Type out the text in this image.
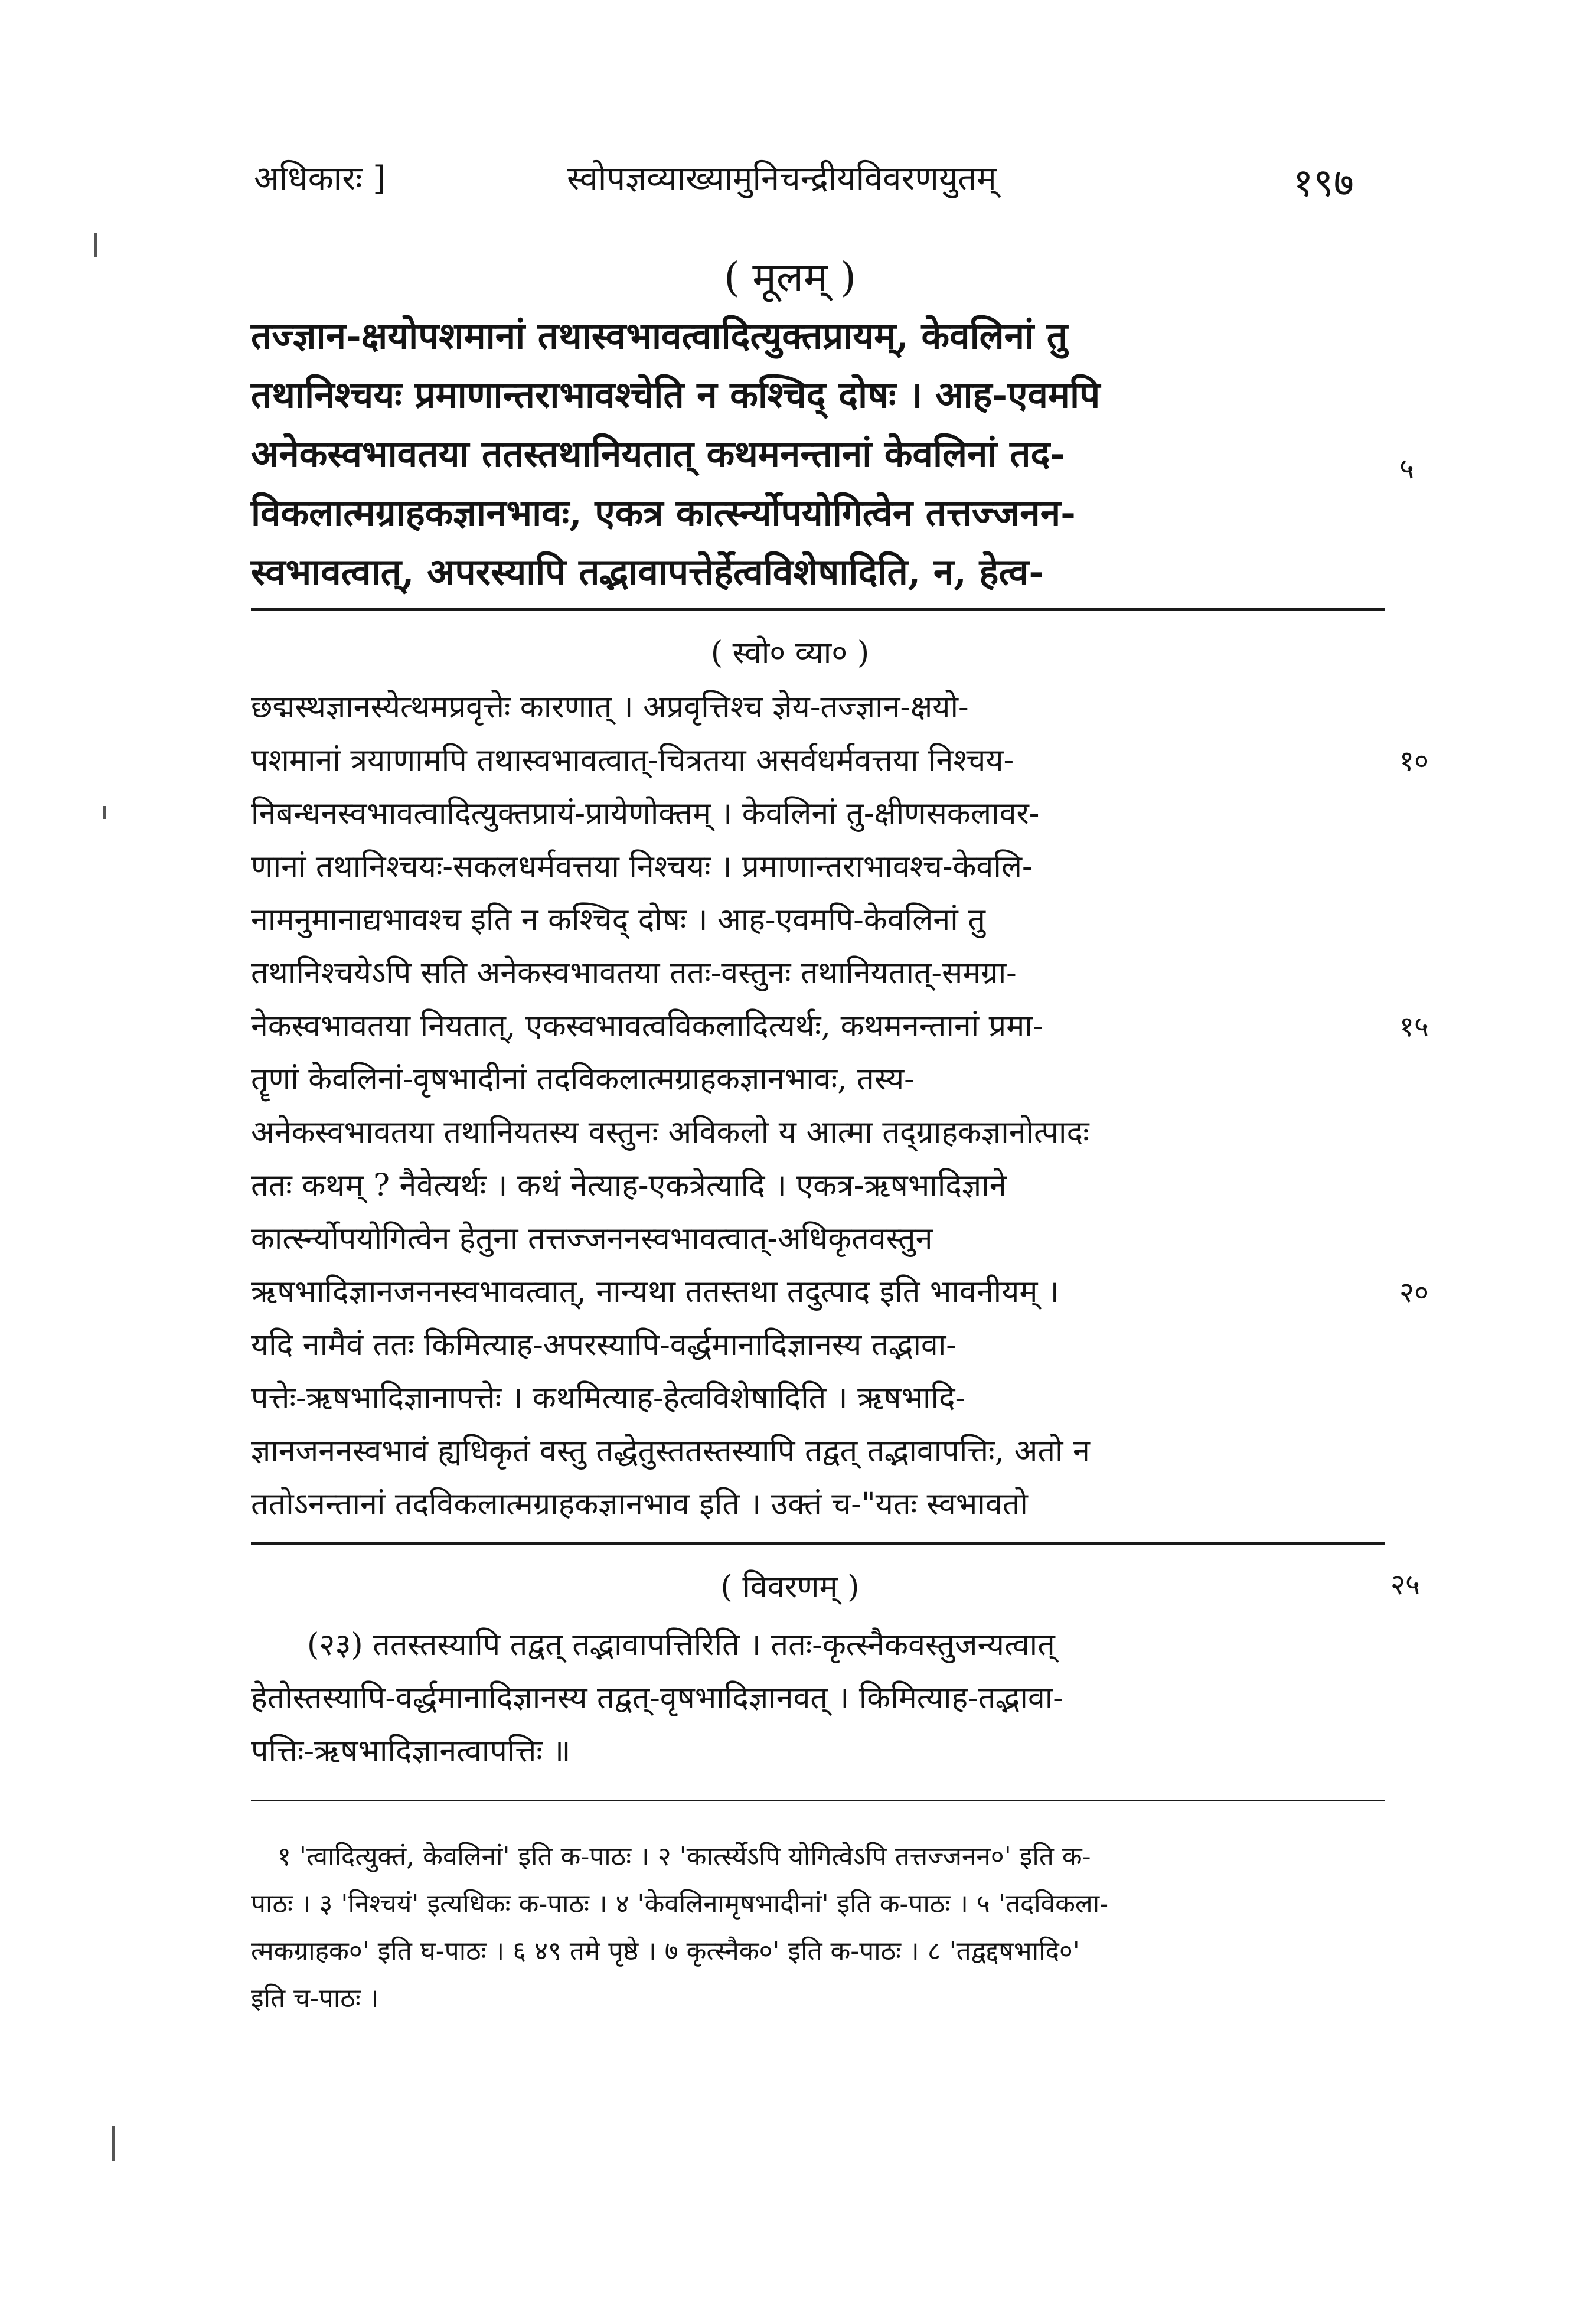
अधिकारः ]	स्वोपज्ञव्याख्यामुनिचन्द्रीयविवरणयुतम्	१९७
( मूलम् )
तज्ज्ञान-क्षयोपशमानां तथास्वभावत्वादित्युक्तप्रायम्, केवलिनां तु
तथानिश्चयः प्रमाणान्तराभावश्चेति न कश्चिद् दोषः । आह-एवमपि
अनेकस्वभावतया ततस्तथानियतात् कथमनन्तानां केवलिनां तद-
विकलात्मग्राहकज्ञानभावः, एकत्र कार्त्स्न्योपयोगित्वेन तत्तज्जनन-
स्वभावत्वात्, अपरस्यापि तद्भावापत्तेर्हेत्वविशेषादिति, न, हेत्व-
५
( स्वो० व्या० )
छद्मस्थज्ञानस्येत्थमप्रवृत्तेः कारणात् । अप्रवृत्तिश्च ज्ञेय-तज्ज्ञान-क्षयो-
पशमानां त्रयाणामपि तथास्वभावत्वात्-चित्रतया असर्वधर्मवत्तया निश्चय-
निबन्धनस्वभावत्वादित्युक्तप्रायं-प्रायेणोक्तम् । केवलिनां तु-क्षीणसकलावर-
णानां तथानिश्चयः-सकलधर्मवत्तया निश्चयः । प्रमाणान्तराभावश्च-केवलि-
नामनुमानाद्यभावश्च इति न कश्चिद् दोषः । आह-एवमपि-केवलिनां तु
तथानिश्चयेऽपि सति अनेकस्वभावतया ततः-वस्तुनः तथानियतात्-समग्रा-
नेकस्वभावतया नियतात्, एकस्वभावत्वविकलादित्यर्थः, कथमनन्तानां प्रमा-
तॄणां केवलिनां-वृषभादीनां तदविकलात्मग्राहकज्ञानभावः, तस्य-
अनेकस्वभावतया तथानियतस्य वस्तुनः अविकलो य आत्मा तद्ग्राहकज्ञानोत्पादः
ततः कथम् ? नैवेत्यर्थः । कथं नेत्याह-एकत्रेत्यादि । एकत्र-ऋषभादिज्ञाने
कार्त्स्न्योपयोगित्वेन हेतुना तत्तज्जननस्वभावत्वात्-अधिकृतवस्तुन
ऋषभादिज्ञानजननस्वभावत्वात्, नान्यथा ततस्तथा तदुत्पाद इति भावनीयम् ।
यदि नामैवं ततः किमित्याह-अपरस्यापि-वर्द्धमानादिज्ञानस्य तद्भावा-
पत्तेः-ऋषभादिज्ञानापत्तेः । कथमित्याह-हेत्वविशेषादिति । ऋषभादि-
ज्ञानजननस्वभावं ह्यधिकृतं वस्तु तद्धेतुस्ततस्तस्यापि तद्वत् तद्भावापत्तिः, अतो न
ततोऽनन्तानां तदविकलात्मग्राहकज्ञानभाव इति । उक्तं च-"यतः स्वभावतो
१०
१५
२०
( विवरणम् )	२५
(२३) ततस्तस्यापि तद्वत् तद्भावापत्तिरिति । ततः-कृत्स्नैकवस्तुजन्यत्वात्
हेतोस्तस्यापि-वर्द्धमानादिज्ञानस्य तद्वत्-वृषभादिज्ञानवत् । किमित्याह-तद्भावा-
पत्तिः-ऋषभादिज्ञानत्वापत्तिः ॥
१ 'त्वादित्युक्तं, केवलिनां' इति क-पाठः । २ 'कार्त्स्येऽपि योगित्वेऽपि तत्तज्जनन०' इति क-
पाठः । ३ 'निश्चयं' इत्यधिकः क-पाठः । ४ 'केवलिनामृषभादीनां' इति क-पाठः । ५ 'तदविकला-
त्मकग्राहक०' इति घ-पाठः । ६ ४९ तमे पृष्ठे । ७ कृत्स्नैक०' इति क-पाठः । ८ 'तद्वद्दषभादि०'
इति च-पाठः ।
